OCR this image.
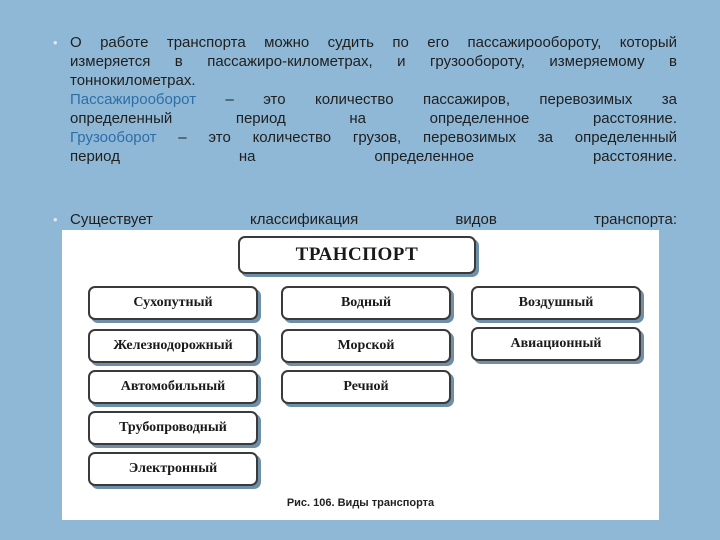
• О работе транспорта можно судить по его пассажирообороту, который
измеряется в пассажиро-километрах, и грузообороту, измеряемому в
тоннокилометрах.
Пассажирооборот – это количество пассажиров, перевозимых за
определенный период на определенное расстояние.
Грузооборот – это количество грузов, перевозимых за определенный
период на определенное расстояние.
• Существует	классификация	видов	транспорта:
ТРАНСПОРТ
Сухопутный
Железнодорожный
Автомобильный
Трубопроводный
Электронный
Водный
Морской
Речной
Воздушный
Авиационный
Рис. 106. Виды транспорта
